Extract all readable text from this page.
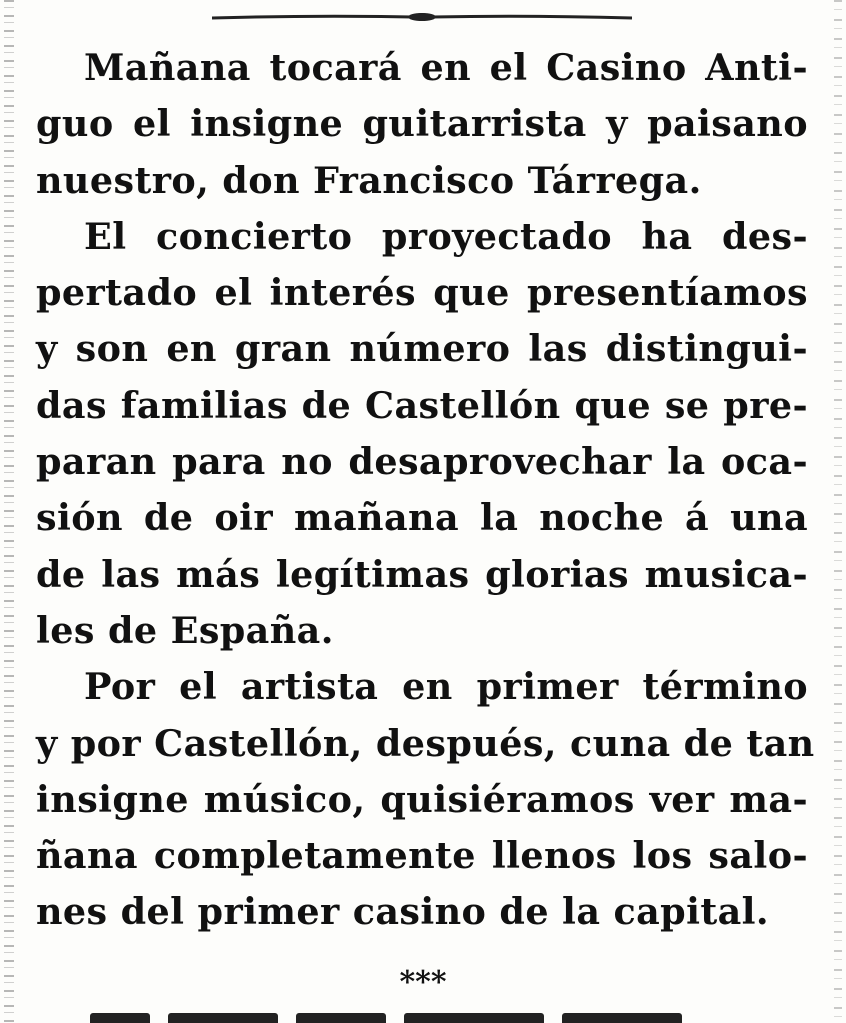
Mañana tocará en el Casino Anti-
guo el insigne guitarrista y paisano
nuestro, don Francisco Tárrega.
El concierto proyectado ha des-
pertado el interés que presentíamos
y son en gran número las distingui-
das familias de Castellón que se pre-
paran para no desaprovechar la oca-
sión de oir mañana la noche á una
de las más legítimas glorias musica-
les de España.
Por el artista en primer término
y por Castellón, después, cuna de tan
insigne músico, quisiéramos ver ma-
ñana completamente llenos los salo-
nes del primer casino de la capital.
***
